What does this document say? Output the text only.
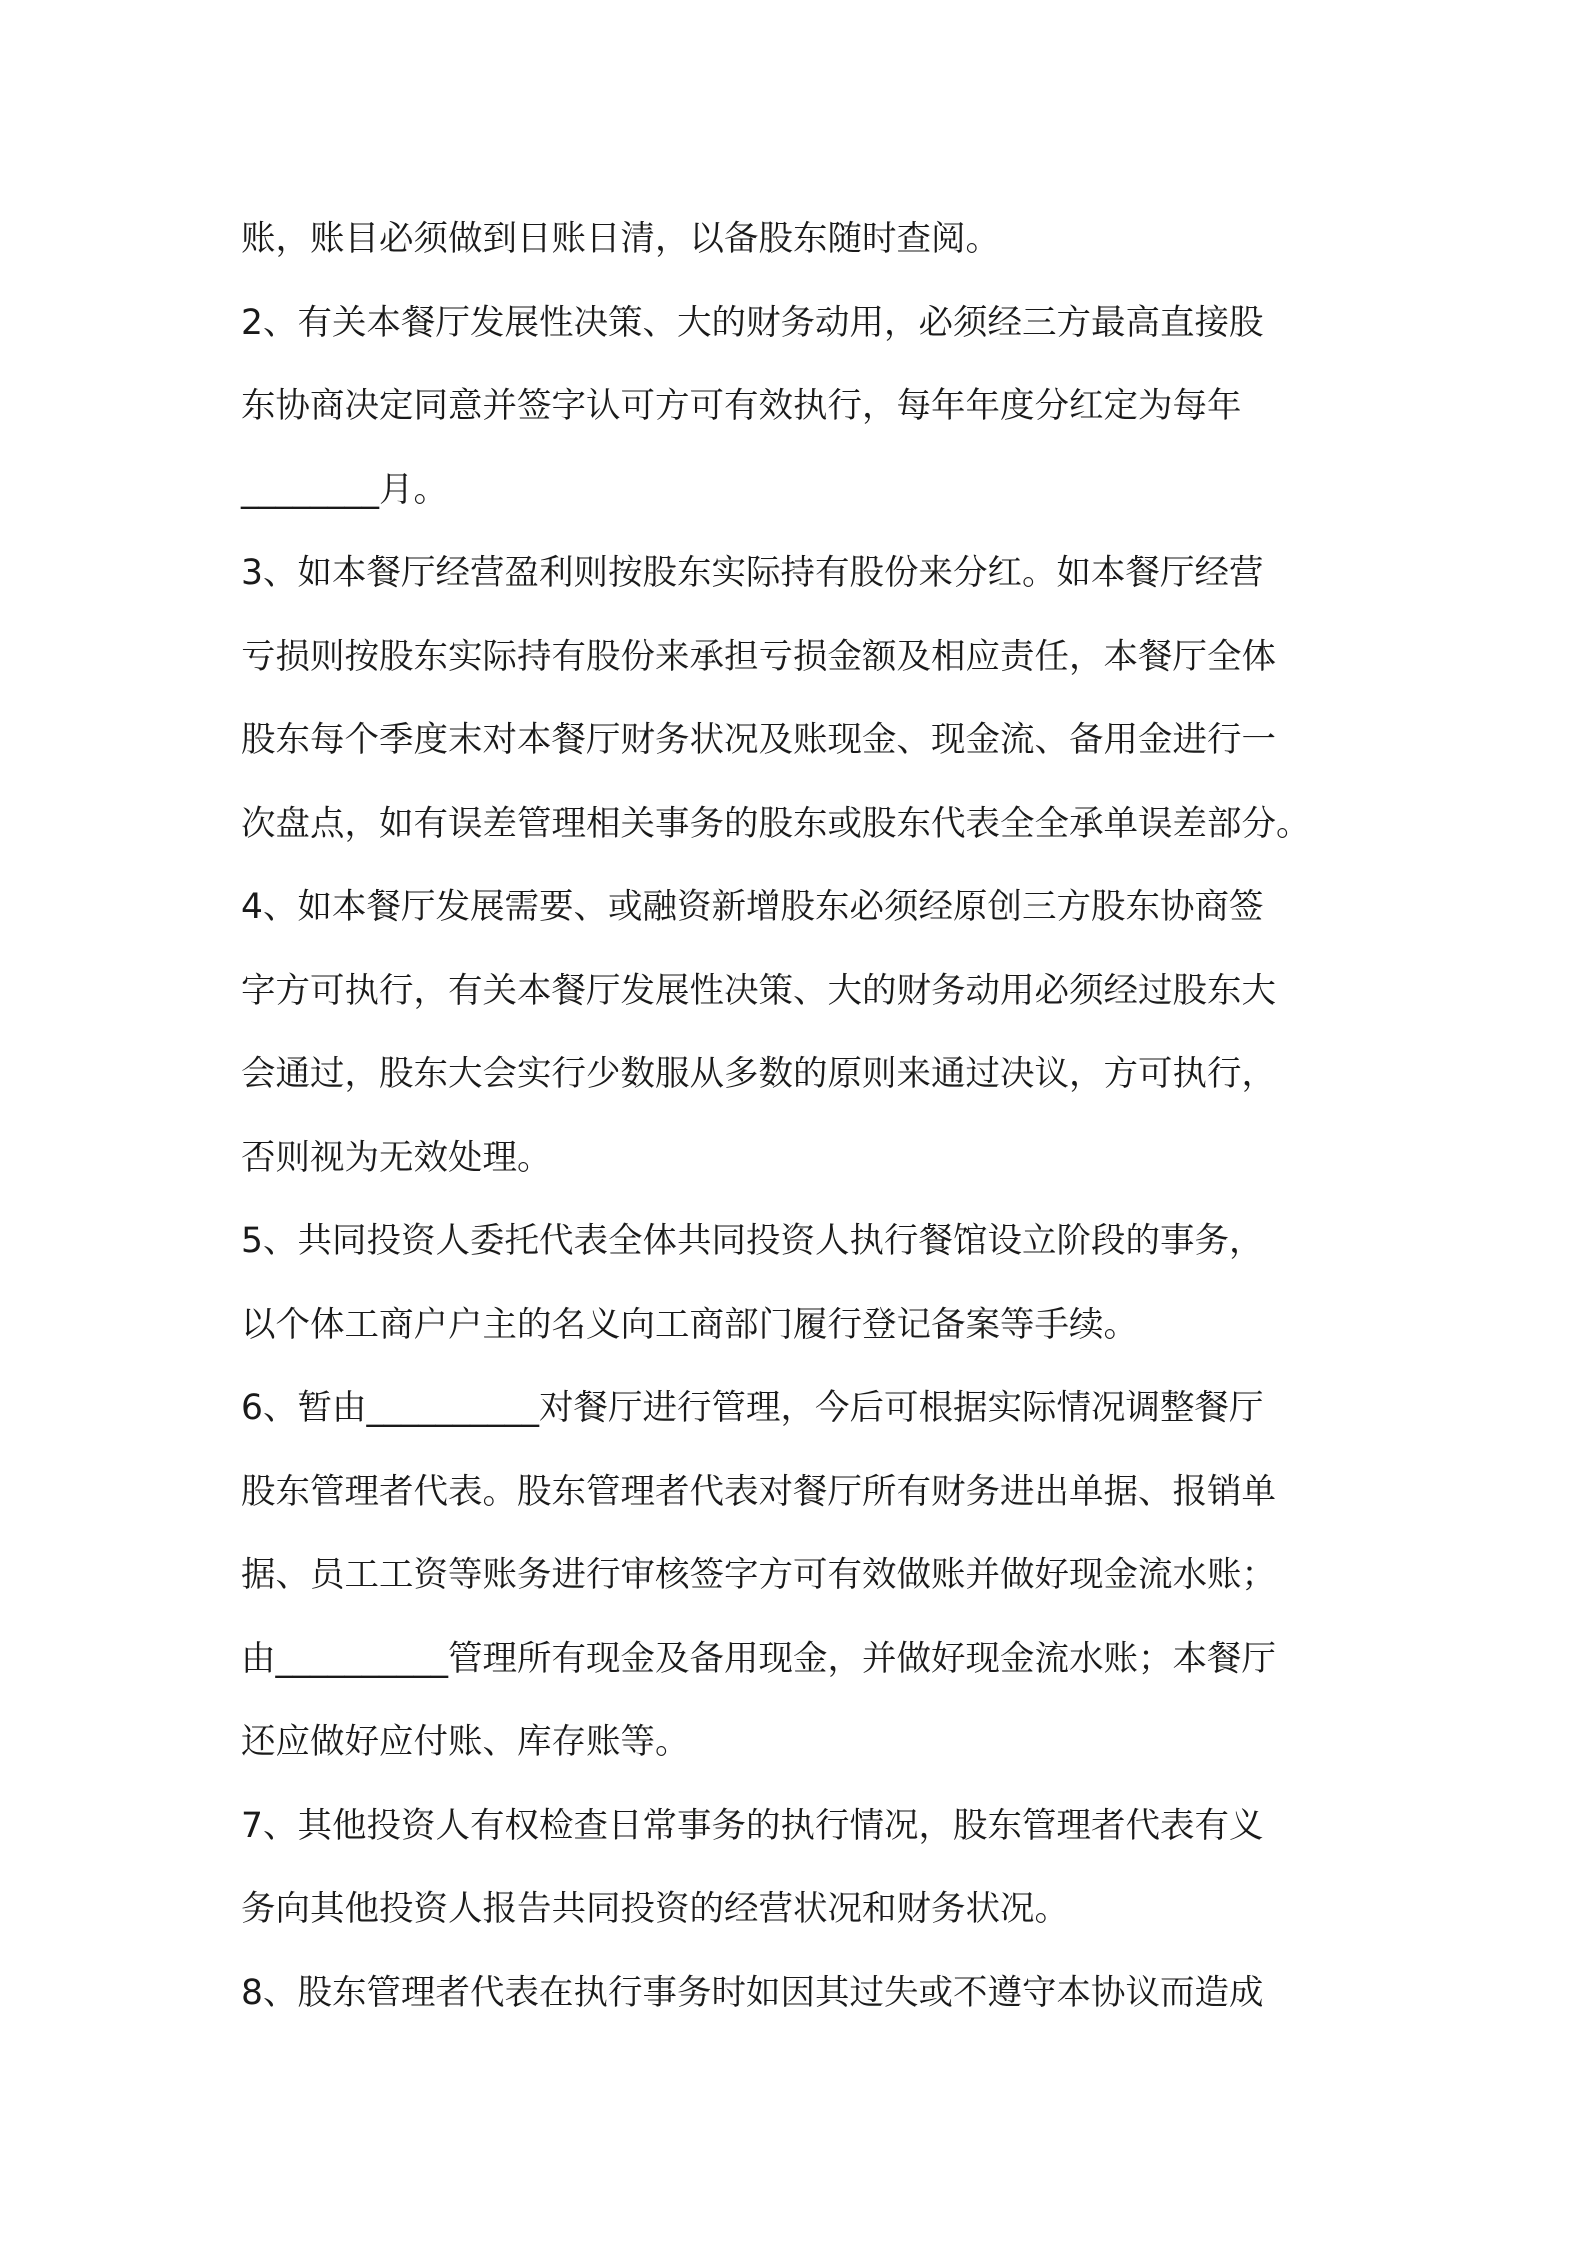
账，账目必须做到日账日清，以备股东随时查阅。
2、有关本餐厅发展性决策、大的财务动用，必须经三方最高直接股
东协商决定同意并签字认可方可有效执行，每年年度分红定为每年
________月。
3、如本餐厅经营盈利则按股东实际持有股份来分红。如本餐厅经营
亏损则按股东实际持有股份来承担亏损金额及相应责任，本餐厅全体
股东每个季度末对本餐厅财务状况及账现金、现金流、备用金进行一
次盘点，如有误差管理相关事务的股东或股东代表全全承单误差部分。
4、如本餐厅发展需要、或融资新增股东必须经原创三方股东协商签
字方可执行，有关本餐厅发展性决策、大的财务动用必须经过股东大
会通过，股东大会实行少数服从多数的原则来通过决议，方可执行，
否则视为无效处理。
5、共同投资人委托代表全体共同投资人执行餐馆设立阶段的事务，
以个体工商户户主的名义向工商部门履行登记备案等手续。
6、暂由__________对餐厅进行管理，今后可根据实际情况调整餐厅
股东管理者代表。股东管理者代表对餐厅所有财务进出单据、报销单
据、员工工资等账务进行审核签字方可有效做账并做好现金流水账；
由__________管理所有现金及备用现金，并做好现金流水账；本餐厅
还应做好应付账、库存账等。
7、其他投资人有权检查日常事务的执行情况，股东管理者代表有义
务向其他投资人报告共同投资的经营状况和财务状况。
8、股东管理者代表在执行事务时如因其过失或不遵守本协议而造成
